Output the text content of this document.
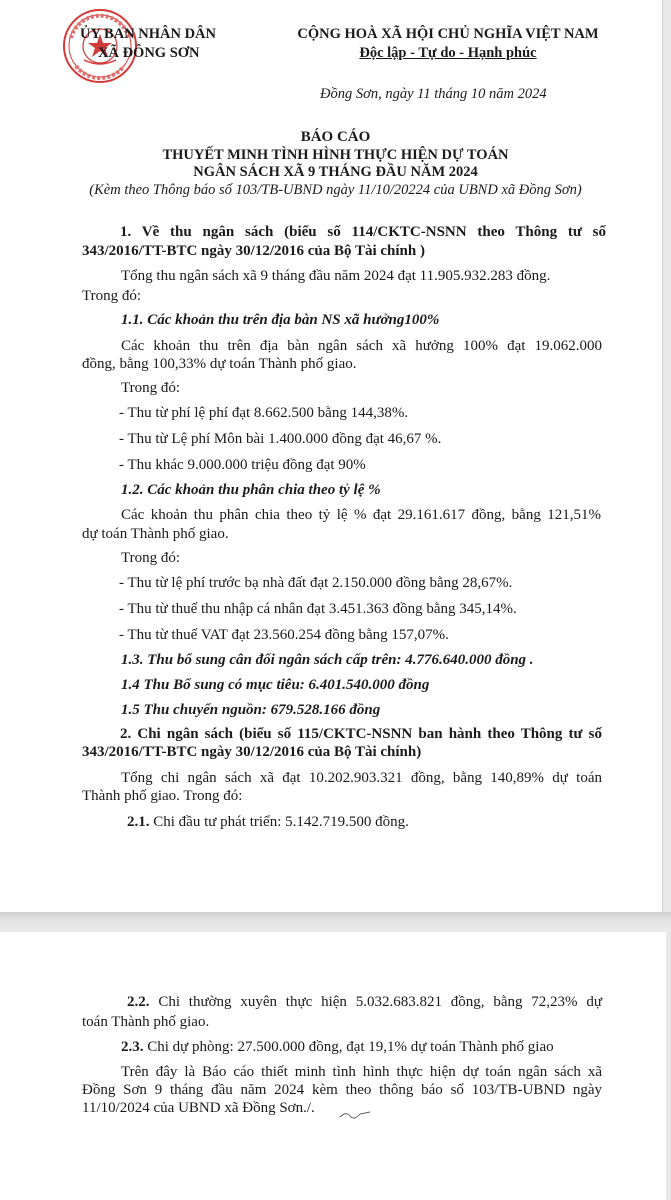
ỦY BAN NHÂN DÂN
XÃ ĐÔNG SƠN
CỘNG HOÀ XÃ HỘI CHỦ NGHĨA VIỆT NAM
Độc lập - Tự do - Hạnh phúc
Đồng Sơn, ngày 11 tháng 10 năm 2024
BÁO CÁO
THUYẾT MINH TÌNH HÌNH THỰC HIỆN DỰ TOÁN
NGÂN SÁCH XÃ 9 THÁNG ĐẦU NĂM 2024
(Kèm theo Thông báo số 103/TB-UBND ngày 11/10/20224 của UBND xã Đồng Sơn)
1. Về thu ngân sách (biểu số 114/CKTC-NSNN theo Thông tư số
343/2016/TT-BTC ngày 30/12/2016 của Bộ Tài chính )
Tổng thu ngân sách xã 9 tháng đầu năm 2024 đạt 11.905.932.283 đồng.
Trong đó:
1.1. Các khoản thu trên địa bàn NS xã hưởng100%
Các khoản thu trên địa bàn ngân sách xã hưởng 100% đạt 19.062.000
đồng, bằng 100,33% dự toán Thành phố giao.
Trong đó:
- Thu từ phí lệ phí đạt 8.662.500 bằng 144,38%.
- Thu từ Lệ phí Môn bài 1.400.000 đồng đạt 46,67 %.
- Thu khác 9.000.000 triệu đồng đạt 90%
1.2. Các khoản thu phân chia theo tỷ lệ %
Các khoản thu phân chia theo tỷ lệ % đạt 29.161.617 đồng, bằng 121,51%
dự toán Thành phố giao.
Trong đó:
- Thu từ lệ phí trước bạ nhà đất đạt 2.150.000 đồng bằng 28,67%.
- Thu từ thuế thu nhập cá nhân đạt 3.451.363 đồng bằng 345,14%.
- Thu từ thuế VAT đạt 23.560.254 đồng bằng 157,07%.
1.3. Thu bổ sung cân đối ngân sách cấp trên: 4.776.640.000 đồng .
1.4 Thu Bổ sung có mục tiêu: 6.401.540.000 đồng
1.5 Thu chuyển nguồn: 679.528.166 đồng
2. Chi ngân sách (biểu số 115/CKTC-NSNN ban hành theo Thông tư số
343/2016/TT-BTC ngày 30/12/2016 của Bộ Tài chính)
Tổng chi ngân sách xã đạt 10.202.903.321 đồng, bằng 140,89% dự toán
Thành phố giao. Trong đó:
2.1. Chi đầu tư phát triển: 5.142.719.500 đồng.
2.2. Chi thường xuyên thực hiện 5.032.683.821 đồng, bằng 72,23% dự
toán Thành phố giao.
2.3. Chi dự phòng: 27.500.000 đồng, đạt 19,1% dự toán Thành phố giao
Trên đây là Báo cáo thiết minh tình hình thực hiện dự toán ngân sách xã
Đồng Sơn 9 tháng đầu năm 2024 kèm theo thông báo số 103/TB-UBND ngày
11/10/2024 của UBND xã Đồng Sơn./.
